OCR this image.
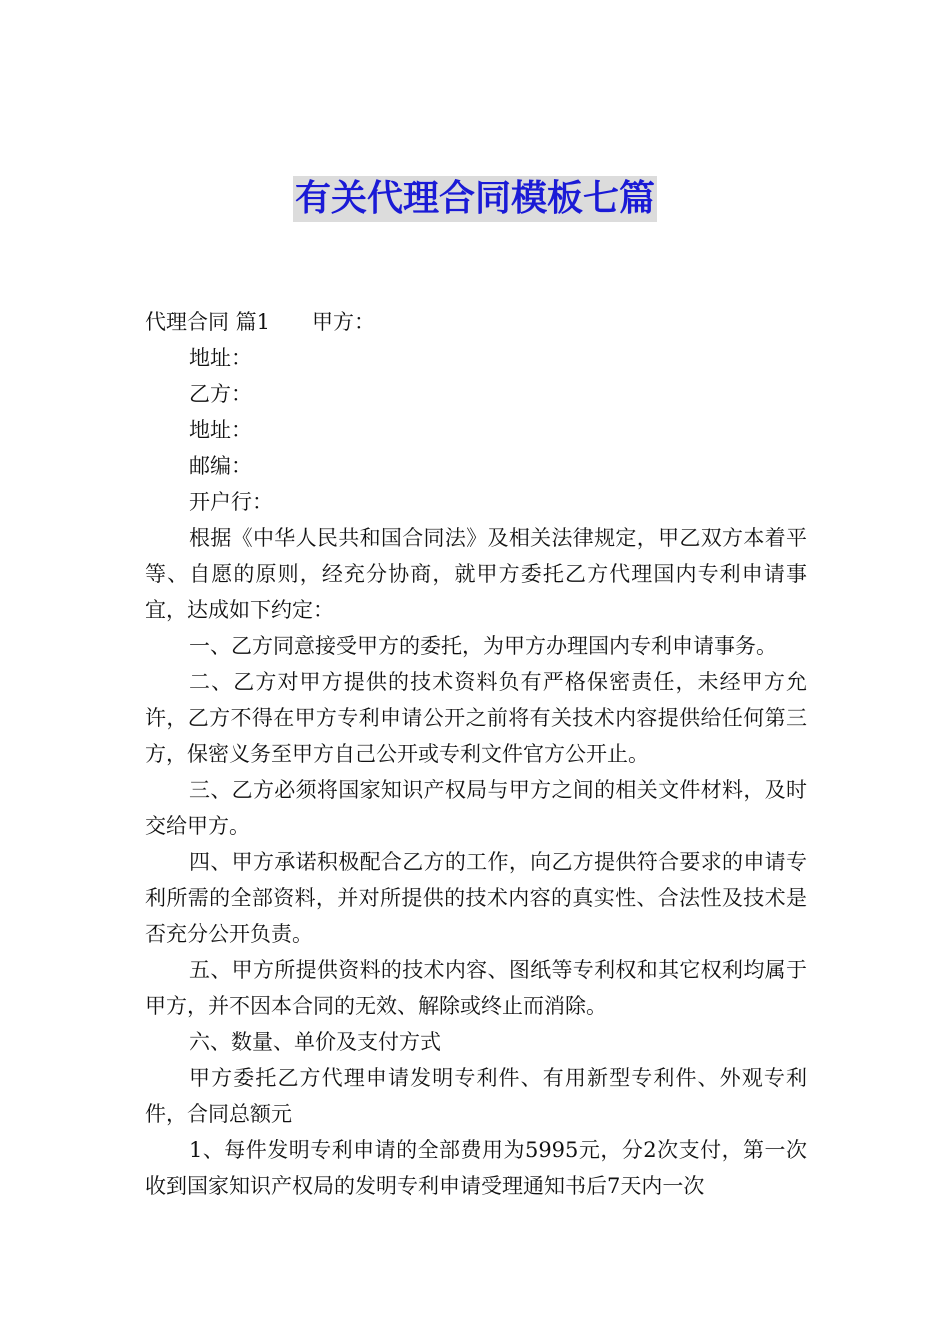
有关代理合同模板七篇
代理合同 篇1 甲方：
地址：
乙方：
地址：
邮编：
开户行：

根据《中华人民共和国合同法》及相关法律规定，甲乙双方本着平等、自愿的原则，经充分协商，就甲方委托乙方代理国内专利申请事宜，达成如下约定：

一、乙方同意接受甲方的委托，为甲方办理国内专利申请事务。

二、乙方对甲方提供的技术资料负有严格保密责任，未经甲方允许，乙方不得在甲方专利申请公开之前将有关技术内容提供给任何第三方，保密义务至甲方自己公开或专利文件官方公开止。

三、乙方必须将国家知识产权局与甲方之间的相关文件材料，及时交给甲方。

四、甲方承诺积极配合乙方的工作，向乙方提供符合要求的申请专利所需的全部资料，并对所提供的技术内容的真实性、合法性及技术是否充分公开负责。

五、甲方所提供资料的技术内容、图纸等专利权和其它权利均属于甲方，并不因本合同的无效、解除或终止而消除。

六、数量、单价及支付方式

甲方委托乙方代理申请发明专利件、有用新型专利件、外观专利件，合同总额元

1、每件发明专利申请的全部费用为5995元，分2次支付，第一次收到国家知识产权局的发明专利申请受理通知书后7天内一次
